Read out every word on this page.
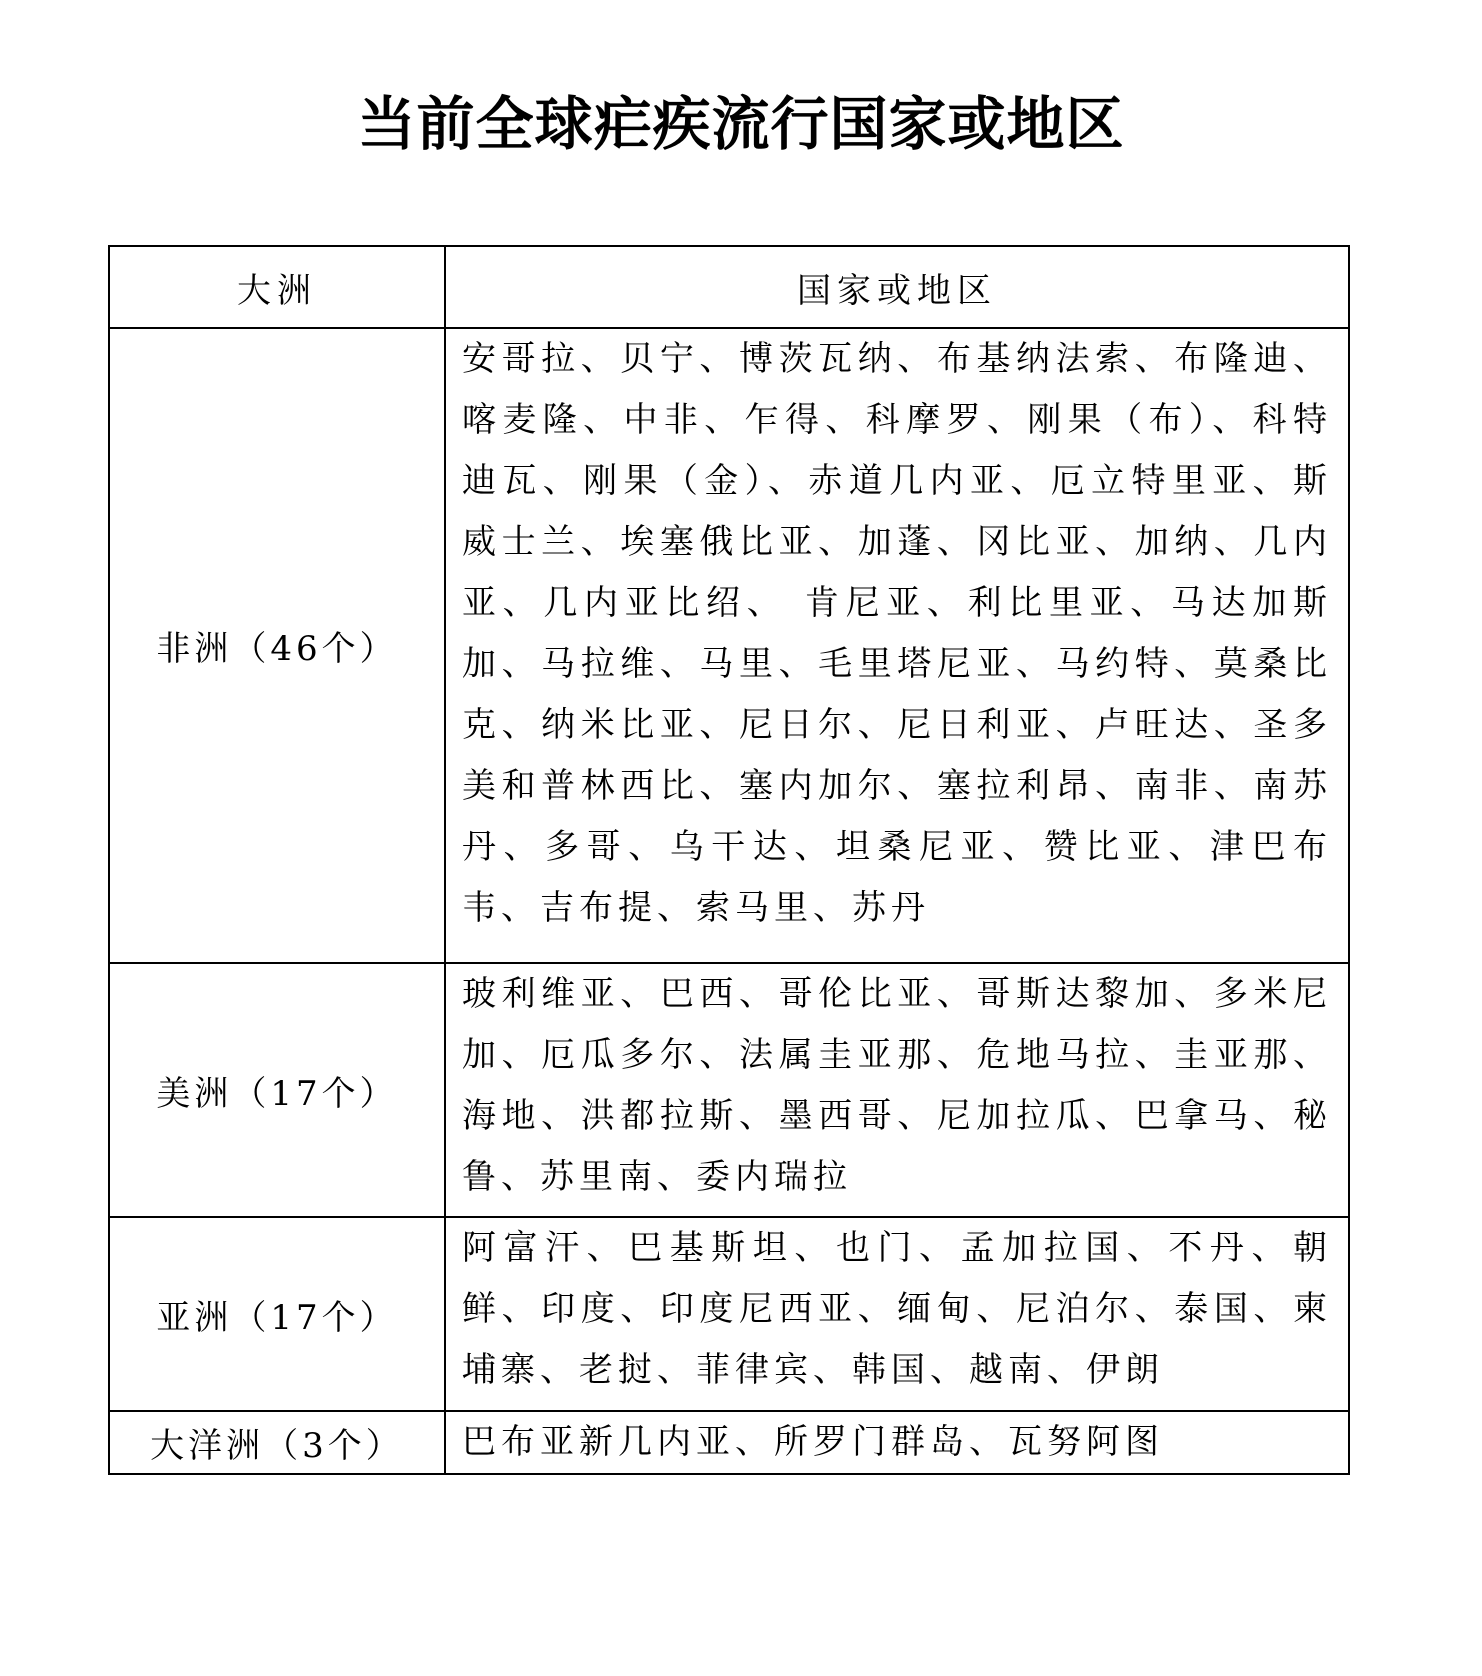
当前全球疟疾流行国家或地区
大洲	国家或地区
非洲（46个）	安哥拉、贝宁、博茨瓦纳、布基纳法索、布隆迪、喀麦隆、中非、乍得、科摩罗、刚果（布）、科特迪瓦、刚果（金）、赤道几内亚、厄立特里亚、斯威士兰、埃塞俄比亚、加蓬、冈比亚、加纳、几内亚、几内亚比绍、 肯尼亚、利比里亚、马达加斯加、马拉维、马里、毛里塔尼亚、马约特、莫桑比克、纳米比亚、尼日尔、尼日利亚、卢旺达、圣多美和普林西比、塞内加尔、塞拉利昂、南非、南苏丹、多哥、乌干达、坦桑尼亚、赞比亚、津巴布韦、吉布提、索马里、苏丹
美洲（17个）	玻利维亚、巴西、哥伦比亚、哥斯达黎加、多米尼加、厄瓜多尔、法属圭亚那、危地马拉、圭亚那、海地、洪都拉斯、墨西哥、尼加拉瓜、巴拿马、秘鲁、苏里南、委内瑞拉
亚洲（17个）	阿富汗、巴基斯坦、也门、孟加拉国、不丹、朝鲜、印度、印度尼西亚、缅甸、尼泊尔、泰国、柬埔寨、老挝、菲律宾、韩国、越南、伊朗
大洋洲（3个）	巴布亚新几内亚、所罗门群岛、瓦努阿图
